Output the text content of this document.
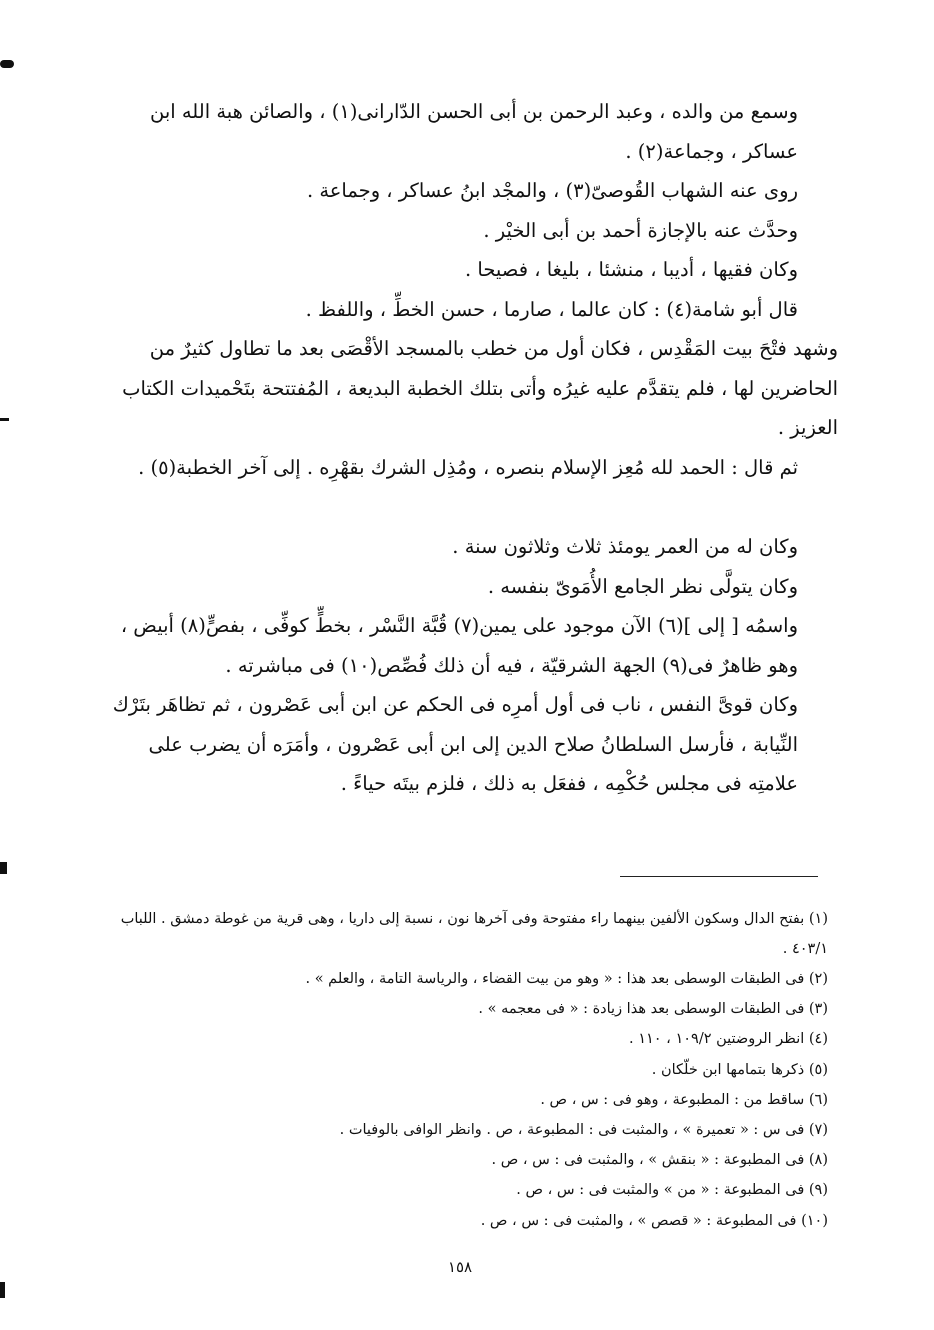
وسمع من والده ، وعبد الرحمن بن أبى الحسن الدّارانى(١) ، والصائن هبة الله ابن عساكر ، وجماعة(٢) .

روى عنه الشهاب القُوصىّ(٣) ، والمجْد ابنُ عساكر ، وجماعة .

وحدَّث عنه بالإجازة أحمد بن أبى الخيْر .

وكان فقيها ، أديبا ، منشئا ، بليغا ، فصيحا .

قال أبو شامة(٤) : كان عالما ، صارما ، حسن الخطِّ ، واللفظ .

وشهد فتْحَ بيت المَقْدِس ، فكان أول من خطب بالمسجد الأقْصَى بعد ما تطاول كثيرٌ من الحاضرين لها ، فلم يتقدَّم عليه غيرُه وأتى بتلك الخطبة البديعة ، المُفتتحة بتَحْميدات الكتاب العزيز .

ثم قال : الحمد لله مُعِز الإسلام بنصره ، ومُذِل الشرك بقهْرِه . إلى آخر الخطبة(٥) .

وكان له من العمر يومئذ ثلاث وثلاثون سنة .

وكان يتولَّى نظر الجامع الأُمَوىّ بنفسه .

واسمُه [ إلى ](٦) الآن موجود على يمين(٧) قُبَّة النَّسْر ، بخطٍّ كوفِّى ، بفصٍّ(٨) أبيض ، وهو ظاهرٌ فى(٩) الجهة الشرقيّة ، فيه أن ذلك فُصِّص(١٠) فى مباشرته .

وكان قوىَّ النفس ، ناب فى أول أمرِه فى الحكم عن ابن أبى عَصْرون ، ثم تظاهَر بتَرْك النِّيابة ، فأرسل السلطانُ صلاح الدين إلى ابن أبى عَصْرون ، وأمَرَه أن يضرب على علامتِه فى مجلس حُكْمِه ، ففعَل به ذلك ، فلزم بيتَه حياءً .

(١) بفتح الدال وسكون الألفين بينهما راء مفتوحة وفى آخرها نون ، نسبة إلى داريا ، وهى قرية من غوطة دمشق . اللباب ٤٠٣/١ .

(٢) فى الطبقات الوسطى بعد هذا : « وهو من بيت القضاء ، والرياسة التامة ، والعلم » .

(٣) فى الطبقات الوسطى بعد هذا زيادة : « فى معجمه » .

(٤) انظر الروضتين ١٠٩/٢ ، ١١٠ .

(٥) ذكرها بتمامها ابن خلّكان .

(٦) ساقط من : المطبوعة ، وهو فى : س ، ص .

(٧) فى س : « تعميرة » ، والمثبت فى : المطبوعة ، ص . وانظر الوافى بالوفيات .

(٨) فى المطبوعة : « بنقش » ، والمثبت فى : س ، ص .

(٩) فى المطبوعة : « من » والمثبت فى : س ، ص .

(١٠) فى المطبوعة : « قصص » ، والمثبت فى : س ، ص .

١٥٨
